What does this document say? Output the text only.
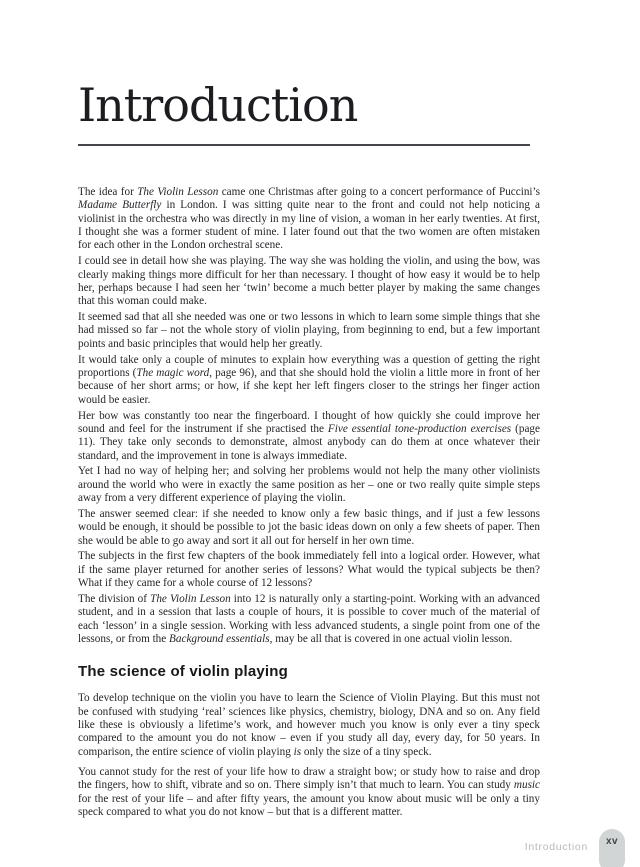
Introduction

The idea for The Violin Lesson came one Christmas after going to a concert performance of Puccini’s Madame Butterfly in London. I was sitting quite near to the front and could not help noticing a violinist in the orchestra who was directly in my line of vision, a woman in her early twenties. At first, I thought she was a former student of mine. I later found out that the two women are often mistaken for each other in the London orchestral scene.

I could see in detail how she was playing. The way she was holding the violin, and using the bow, was clearly making things more difficult for her than necessary. I thought of how easy it would be to help her, perhaps because I had seen her ‘twin’ become a much better player by making the same changes that this woman could make.

It seemed sad that all she needed was one or two lessons in which to learn some simple things that she had missed so far – not the whole story of violin playing, from beginning to end, but a few important points and basic principles that would help her greatly.

It would take only a couple of minutes to explain how everything was a question of getting the right proportions (The magic word, page 96), and that she should hold the violin a little more in front of her because of her short arms; or how, if she kept her left fingers closer to the strings her finger action would be easier.

Her bow was constantly too near the fingerboard. I thought of how quickly she could improve her sound and feel for the instrument if she practised the Five essential tone-production exercises (page 11). They take only seconds to demonstrate, almost anybody can do them at once whatever their standard, and the improvement in tone is always immediate.

Yet I had no way of helping her; and solving her problems would not help the many other violinists around the world who were in exactly the same position as her – one or two really quite simple steps away from a very different experience of playing the violin.

The answer seemed clear: if she needed to know only a few basic things, and if just a few lessons would be enough, it should be possible to jot the basic ideas down on only a few sheets of paper. Then she would be able to go away and sort it all out for herself in her own time.

The subjects in the first few chapters of the book immediately fell into a logical order. However, what if the same player returned for another series of lessons? What would the typical subjects be then? What if they came for a whole course of 12 lessons?

The division of The Violin Lesson into 12 is naturally only a starting-point. Working with an advanced student, and in a session that lasts a couple of hours, it is possible to cover much of the material of each ‘lesson’ in a single session. Working with less advanced students, a single point from one of the lessons, or from the Background essentials, may be all that is covered in one actual violin lesson.

The science of violin playing

To develop technique on the violin you have to learn the Science of Violin Playing. But this must not be confused with studying ‘real’ sciences like physics, chemistry, biology, DNA and so on. Any field like these is obviously a lifetime’s work, and however much you know is only ever a tiny speck compared to the amount you do not know – even if you study all day, every day, for 50 years. In comparison, the entire science of violin playing is only the size of a tiny speck.

You cannot study for the rest of your life how to draw a straight bow; or study how to raise and drop the fingers, how to shift, vibrate and so on. There simply isn’t that much to learn. You can study music for the rest of your life – and after fifty years, the amount you know about music will be only a tiny speck compared to what you do not know – but that is a different matter.

Introduction xv
